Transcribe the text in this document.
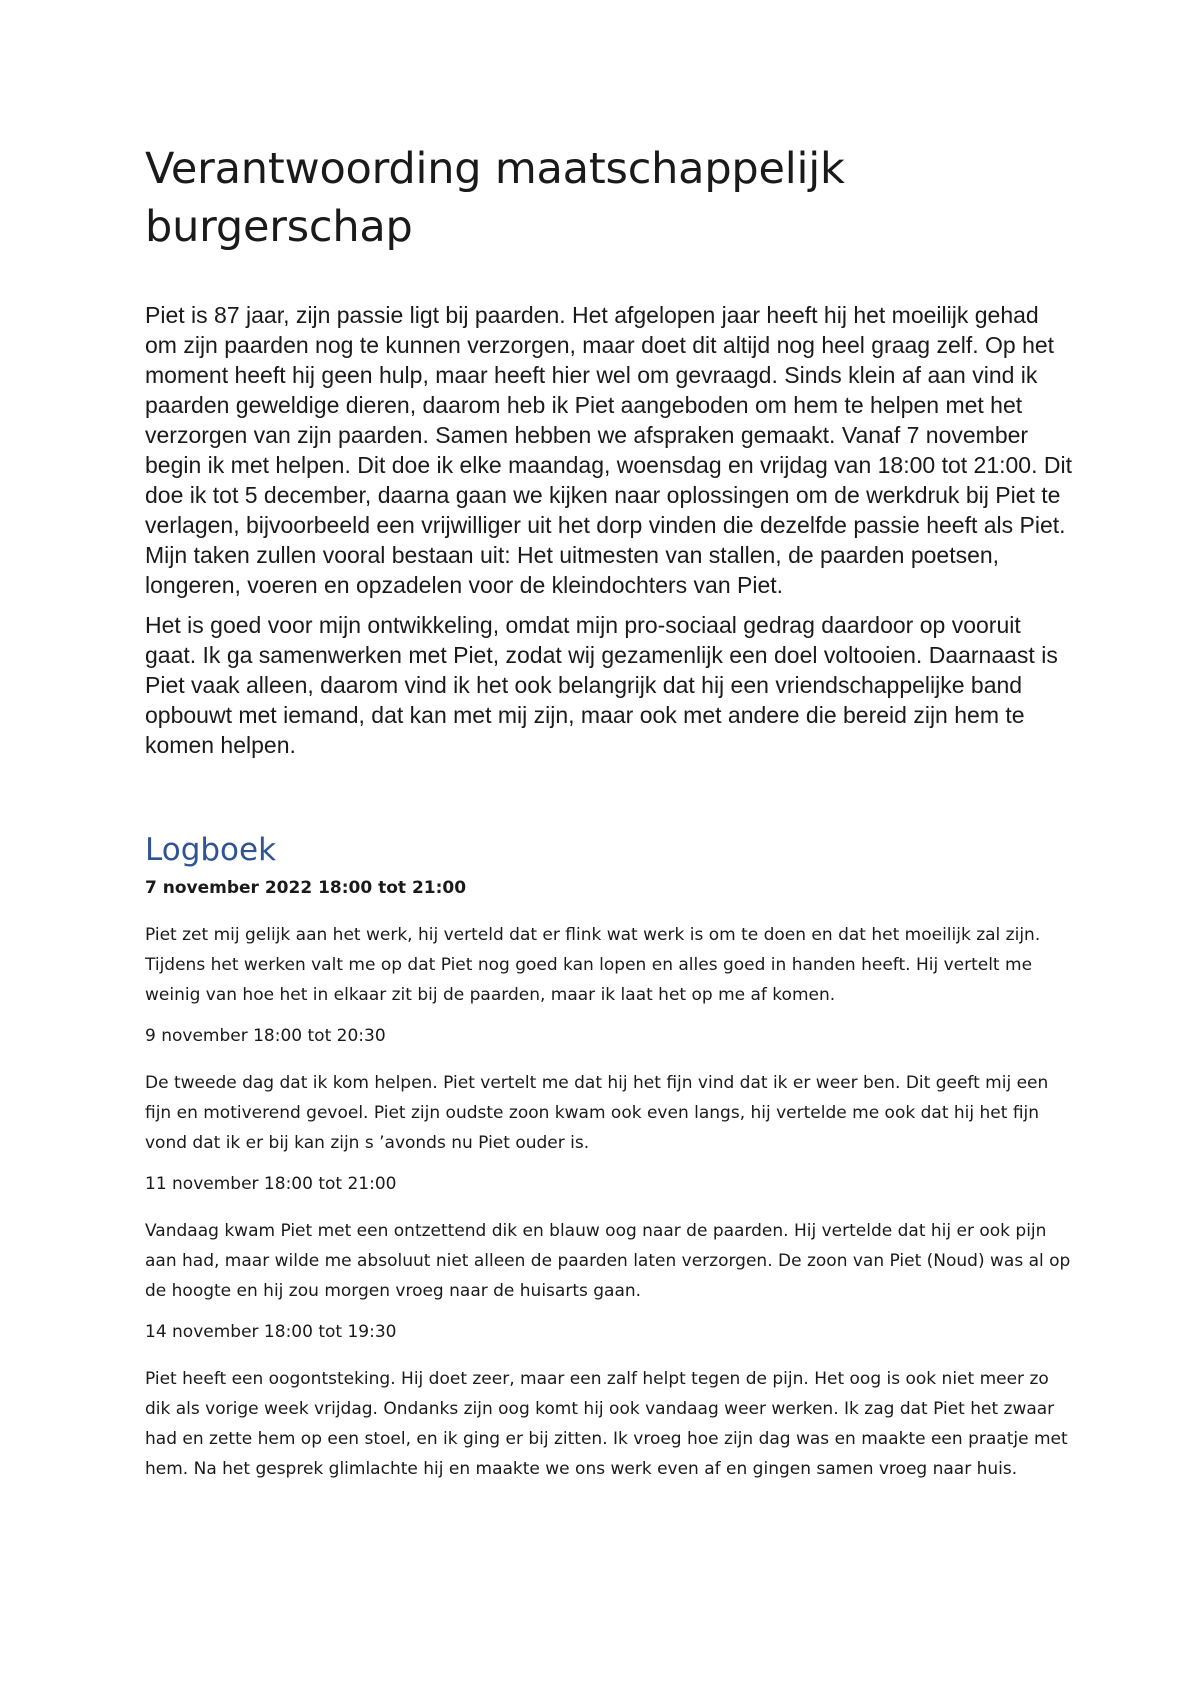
Verantwoording maatschappelijk burgerschap

Piet is 87 jaar, zijn passie ligt bij paarden. Het afgelopen jaar heeft hij het moeilijk gehad om zijn paarden nog te kunnen verzorgen, maar doet dit altijd nog heel graag zelf. Op het moment heeft hij geen hulp, maar heeft hier wel om gevraagd. Sinds klein af aan vind ik paarden geweldige dieren, daarom heb ik Piet aangeboden om hem te helpen met het verzorgen van zijn paarden. Samen hebben we afspraken gemaakt. Vanaf 7 november begin ik met helpen. Dit doe ik elke maandag, woensdag en vrijdag van 18:00 tot 21:00. Dit doe ik tot 5 december, daarna gaan we kijken naar oplossingen om de werkdruk bij Piet te verlagen, bijvoorbeeld een vrijwilliger uit het dorp vinden die dezelfde passie heeft als Piet. Mijn taken zullen vooral bestaan uit: Het uitmesten van stallen, de paarden poetsen, longeren, voeren en opzadelen voor de kleindochters van Piet.

Het is goed voor mijn ontwikkeling, omdat mijn pro-sociaal gedrag daardoor op vooruit gaat. Ik ga samenwerken met Piet, zodat wij gezamenlijk een doel voltooien. Daarnaast is Piet vaak alleen, daarom vind ik het ook belangrijk dat hij een vriendschappelijke band opbouwt met iemand, dat kan met mij zijn, maar ook met andere die bereid zijn hem te komen helpen.

Logboek
7 november 2022 18:00 tot 21:00

Piet zet mij gelijk aan het werk, hij verteld dat er flink wat werk is om te doen en dat het moeilijk zal zijn. Tijdens het werken valt me op dat Piet nog goed kan lopen en alles goed in handen heeft. Hij vertelt me weinig van hoe het in elkaar zit bij de paarden, maar ik laat het op me af komen.

9 november 18:00 tot 20:30

De tweede dag dat ik kom helpen. Piet vertelt me dat hij het fijn vind dat ik er weer ben. Dit geeft mij een fijn en motiverend gevoel. Piet zijn oudste zoon kwam ook even langs, hij vertelde me ook dat hij het fijn vond dat ik er bij kan zijn s ’avonds nu Piet ouder is.

11 november 18:00 tot 21:00

Vandaag kwam Piet met een ontzettend dik en blauw oog naar de paarden. Hij vertelde dat hij er ook pijn aan had, maar wilde me absoluut niet alleen de paarden laten verzorgen. De zoon van Piet (Noud) was al op de hoogte en hij zou morgen vroeg naar de huisarts gaan.

14 november 18:00 tot 19:30

Piet heeft een oogontsteking. Hij doet zeer, maar een zalf helpt tegen de pijn. Het oog is ook niet meer zo dik als vorige week vrijdag. Ondanks zijn oog komt hij ook vandaag weer werken. Ik zag dat Piet het zwaar had en zette hem op een stoel, en ik ging er bij zitten. Ik vroeg hoe zijn dag was en maakte een praatje met hem. Na het gesprek glimlachte hij en maakte we ons werk even af en gingen samen vroeg naar huis.
